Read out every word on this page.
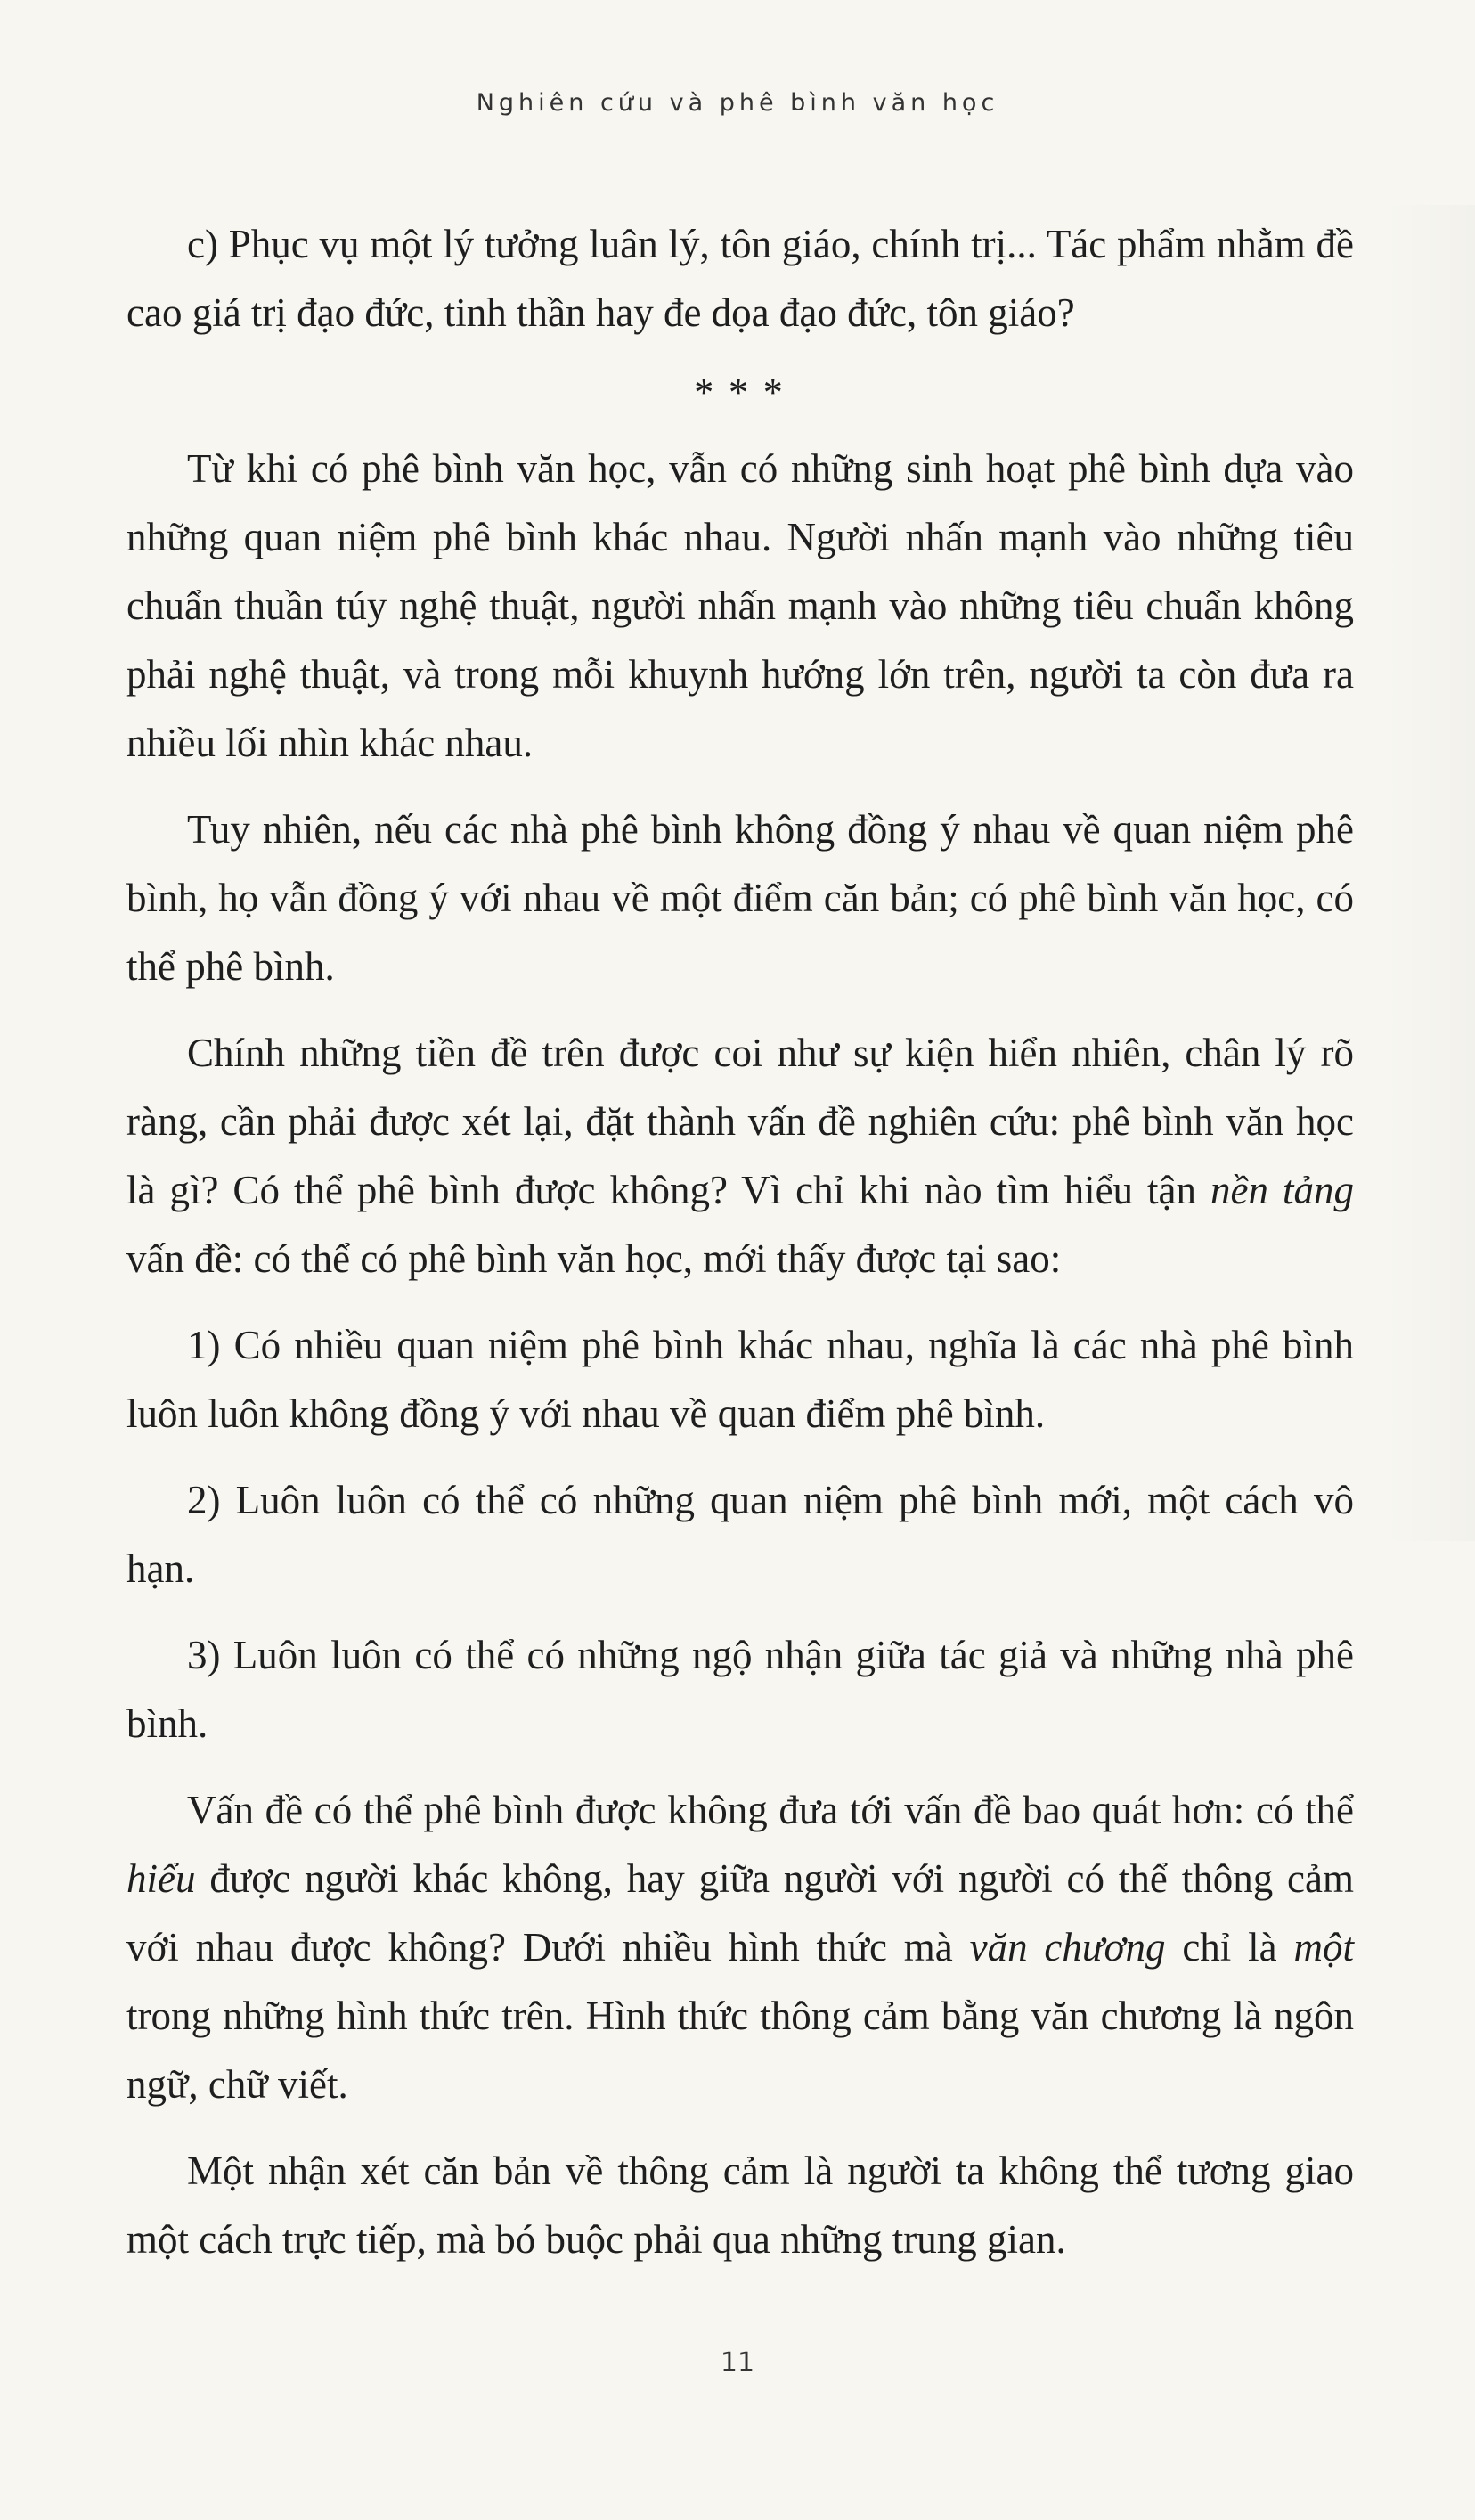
Nghiên cứu và phê bình văn học

c) Phục vụ một lý tưởng luân lý, tôn giáo, chính trị... Tác phẩm nhằm đề cao giá trị đạo đức, tinh thần hay đe dọa đạo đức, tôn giáo?

* * *

Từ khi có phê bình văn học, vẫn có những sinh hoạt phê bình dựa vào những quan niệm phê bình khác nhau. Người nhấn mạnh vào những tiêu chuẩn thuần túy nghệ thuật, người nhấn mạnh vào những tiêu chuẩn không phải nghệ thuật, và trong mỗi khuynh hướng lớn trên, người ta còn đưa ra nhiều lối nhìn khác nhau.

Tuy nhiên, nếu các nhà phê bình không đồng ý nhau về quan niệm phê bình, họ vẫn đồng ý với nhau về một điểm căn bản; có phê bình văn học, có thể phê bình.

Chính những tiền đề trên được coi như sự kiện hiển nhiên, chân lý rõ ràng, cần phải được xét lại, đặt thành vấn đề nghiên cứu: phê bình văn học là gì? Có thể phê bình được không? Vì chỉ khi nào tìm hiểu tận nền tảng vấn đề: có thể có phê bình văn học, mới thấy được tại sao:

1) Có nhiều quan niệm phê bình khác nhau, nghĩa là các nhà phê bình luôn luôn không đồng ý với nhau về quan điểm phê bình.

2) Luôn luôn có thể có những quan niệm phê bình mới, một cách vô hạn.

3) Luôn luôn có thể có những ngộ nhận giữa tác giả và những nhà phê bình.

Vấn đề có thể phê bình được không đưa tới vấn đề bao quát hơn: có thể hiểu được người khác không, hay giữa người với người có thể thông cảm với nhau được không? Dưới nhiều hình thức mà văn chương chỉ là một trong những hình thức trên. Hình thức thông cảm bằng văn chương là ngôn ngữ, chữ viết.

Một nhận xét căn bản về thông cảm là người ta không thể tương giao một cách trực tiếp, mà bó buộc phải qua những trung gian.

11
